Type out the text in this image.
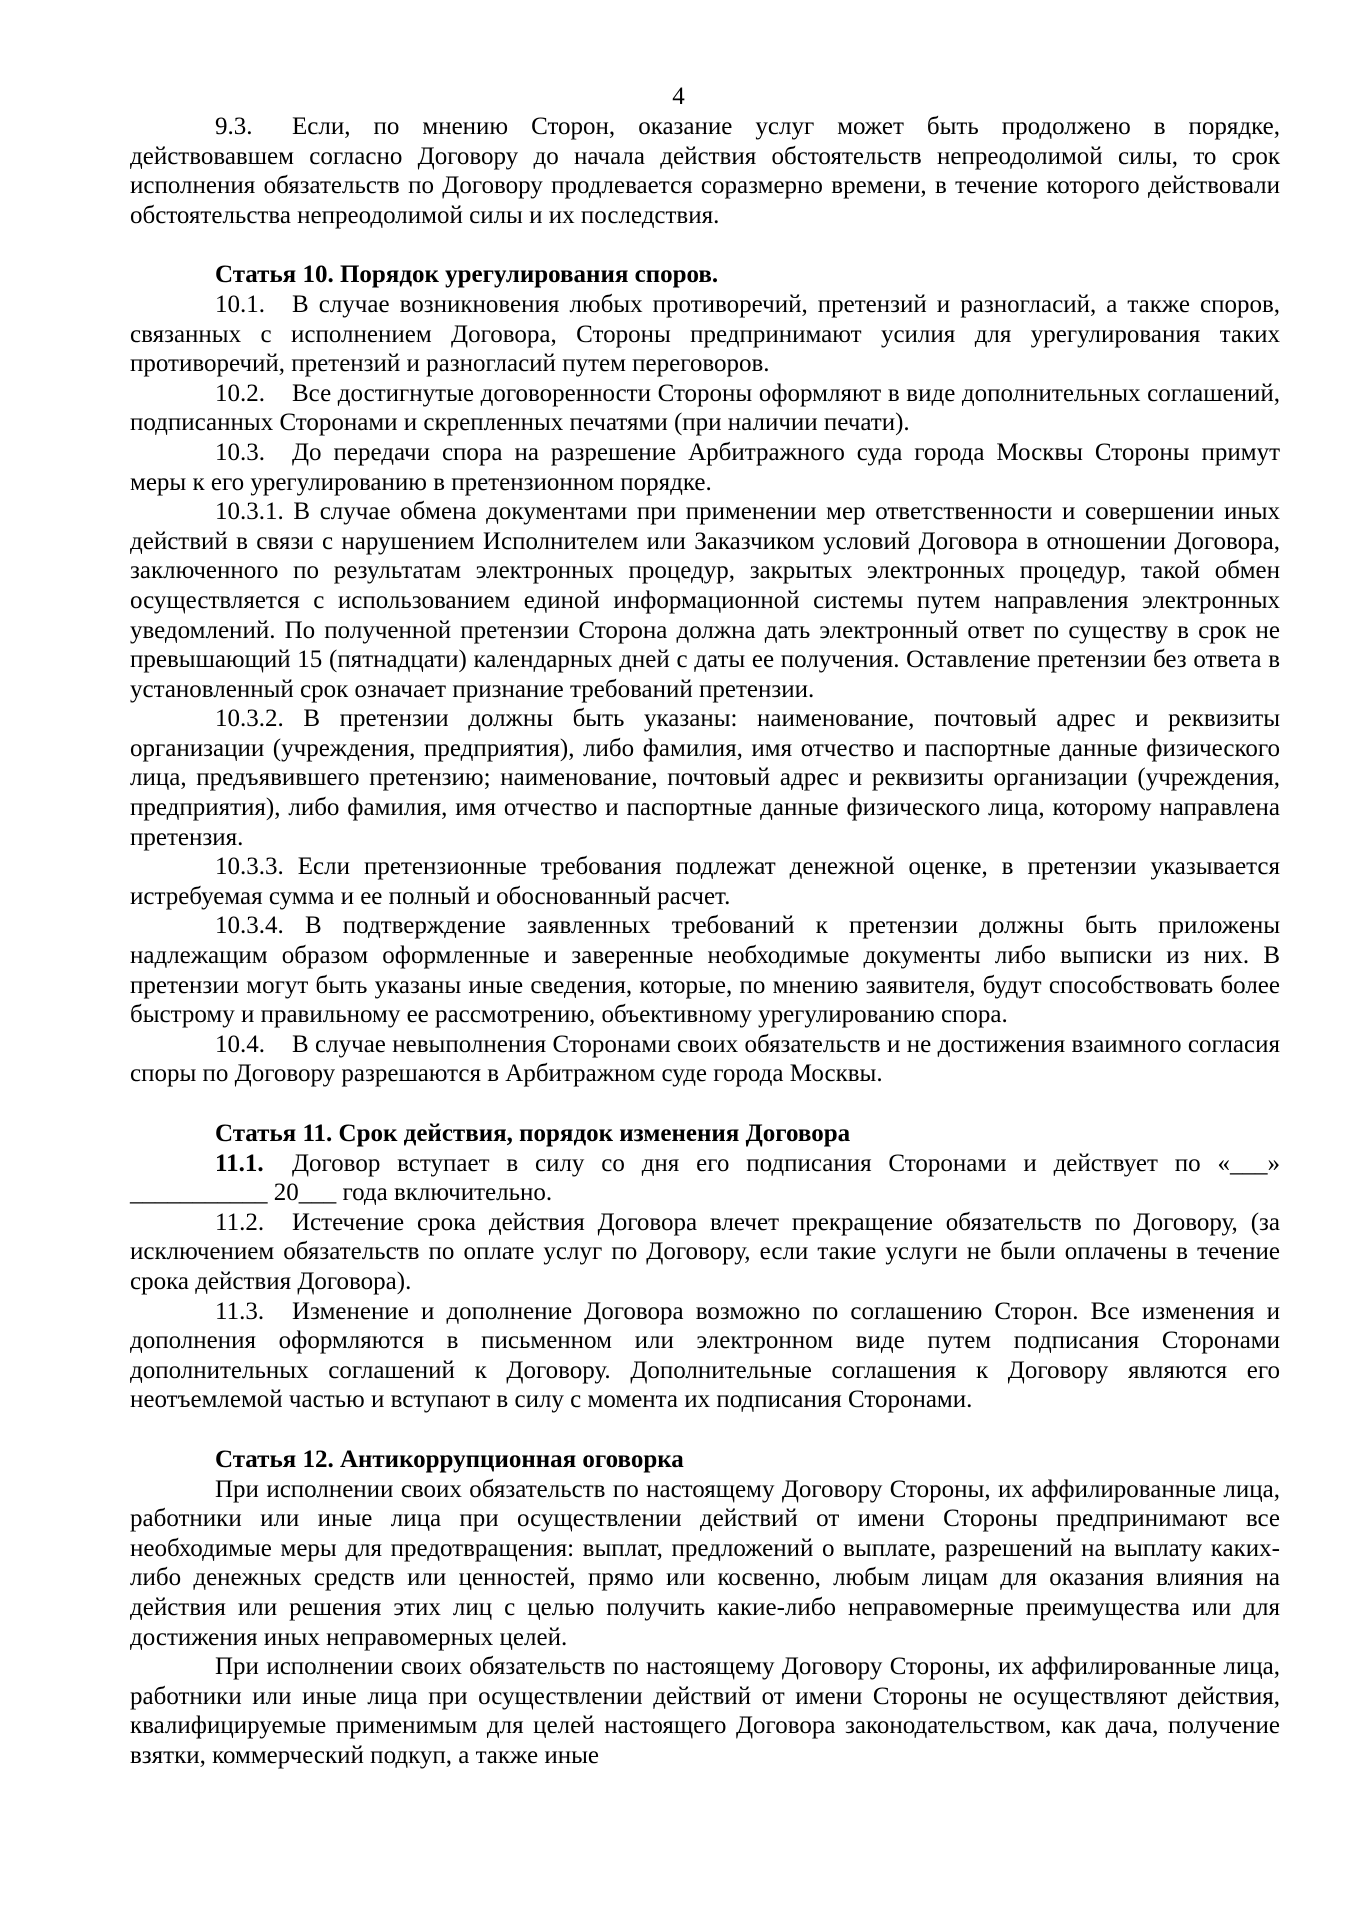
4

9.3. Если, по мнению Сторон, оказание услуг может быть продолжено в порядке, действовавшем согласно Договору до начала действия обстоятельств непреодолимой силы, то срок исполнения обязательств по Договору продлевается соразмерно времени, в течение которого действовали обстоятельства непреодолимой силы и их последствия.

Статья 10. Порядок урегулирования споров.

10.1. В случае возникновения любых противоречий, претензий и разногласий, а также споров, связанных с исполнением Договора, Стороны предпринимают усилия для урегулирования таких противоречий, претензий и разногласий путем переговоров.

10.2. Все достигнутые договоренности Стороны оформляют в виде дополнительных соглашений, подписанных Сторонами и скрепленных печатями (при наличии печати).

10.3. До передачи спора на разрешение Арбитражного суда города Москвы Стороны примут меры к его урегулированию в претензионном порядке.

10.3.1. В случае обмена документами при применении мер ответственности и совершении иных действий в связи с нарушением Исполнителем или Заказчиком условий Договора в отношении Договора, заключенного по результатам электронных процедур, закрытых электронных процедур, такой обмен осуществляется с использованием единой информационной системы путем направления электронных уведомлений. По полученной претензии Сторона должна дать электронный ответ по существу в срок не превышающий 15 (пятнадцати) календарных дней с даты ее получения. Оставление претензии без ответа в установленный срок означает признание требований претензии.

10.3.2. В претензии должны быть указаны: наименование, почтовый адрес и реквизиты организации (учреждения, предприятия), либо фамилия, имя отчество и паспортные данные физического лица, предъявившего претензию; наименование, почтовый адрес и реквизиты организации (учреждения, предприятия), либо фамилия, имя отчество и паспортные данные физического лица, которому направлена претензия.

10.3.3. Если претензионные требования подлежат денежной оценке, в претензии указывается истребуемая сумма и ее полный и обоснованный расчет.

10.3.4. В подтверждение заявленных требований к претензии должны быть приложены надлежащим образом оформленные и заверенные необходимые документы либо выписки из них. В претензии могут быть указаны иные сведения, которые, по мнению заявителя, будут способствовать более быстрому и правильному ее рассмотрению, объективному урегулированию спора.

10.4. В случае невыполнения Сторонами своих обязательств и не достижения взаимного согласия споры по Договору разрешаются в Арбитражном суде города Москвы.

Статья 11. Срок действия, порядок изменения Договора

11.1. Договор вступает в силу со дня его подписания Сторонами и действует по «___» ___________ 20___ года включительно.

11.2. Истечение срока действия Договора влечет прекращение обязательств по Договору, (за исключением обязательств по оплате услуг по Договору, если такие услуги не были оплачены в течение срока действия Договора).

11.3. Изменение и дополнение Договора возможно по соглашению Сторон. Все изменения и дополнения оформляются в письменном или электронном виде путем подписания Сторонами дополнительных соглашений к Договору. Дополнительные соглашения к Договору являются его неотъемлемой частью и вступают в силу с момента их подписания Сторонами.

Статья 12. Антикоррупционная оговорка

При исполнении своих обязательств по настоящему Договору Стороны, их аффилированные лица, работники или иные лица при осуществлении действий от имени Стороны предпринимают все необходимые меры для предотвращения: выплат, предложений о выплате, разрешений на выплату каких-либо денежных средств или ценностей, прямо или косвенно, любым лицам для оказания влияния на действия или решения этих лиц с целью получить какие-либо неправомерные преимущества или для достижения иных неправомерных целей.

При исполнении своих обязательств по настоящему Договору Стороны, их аффилированные лица, работники или иные лица при осуществлении действий от имени Стороны не осуществляют действия, квалифицируемые применимым для целей настоящего Договора законодательством, как дача, получение взятки, коммерческий подкуп, а также иные
